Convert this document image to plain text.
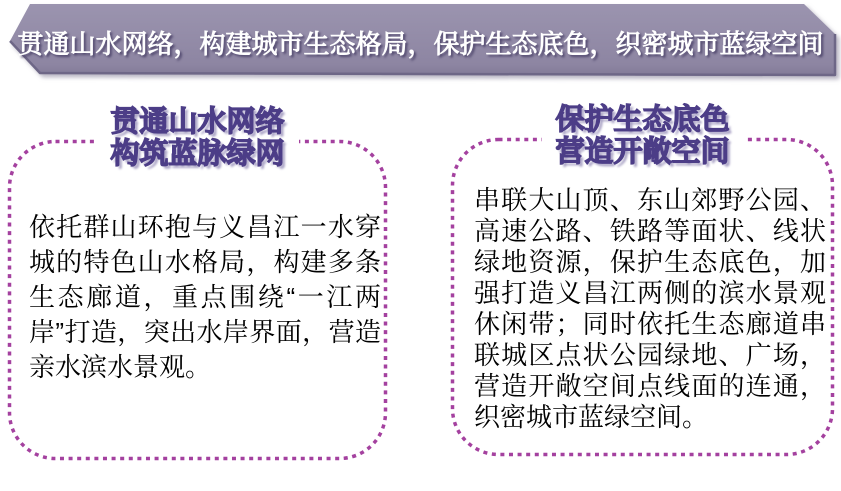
贯通山水网络，构建城市生态格局，保护生态底色，织密城市蓝绿空间
贯通山水网络
构筑蓝脉绿网
依托群山环抱与义昌江一水穿城的特色山水格局，构建多条生态廊道，重点围绕“一江两岸”打造，突出水岸界面，营造亲水滨水景观。
保护生态底色
营造开敞空间
串联大山顶、东山郊野公园、高速公路、铁路等面状、线状绿地资源，保护生态底色，加强打造义昌江两侧的滨水景观休闲带；同时依托生态廊道串联城区点状公园绿地、广场，营造开敞空间点线面的连通，织密城市蓝绿空间。
